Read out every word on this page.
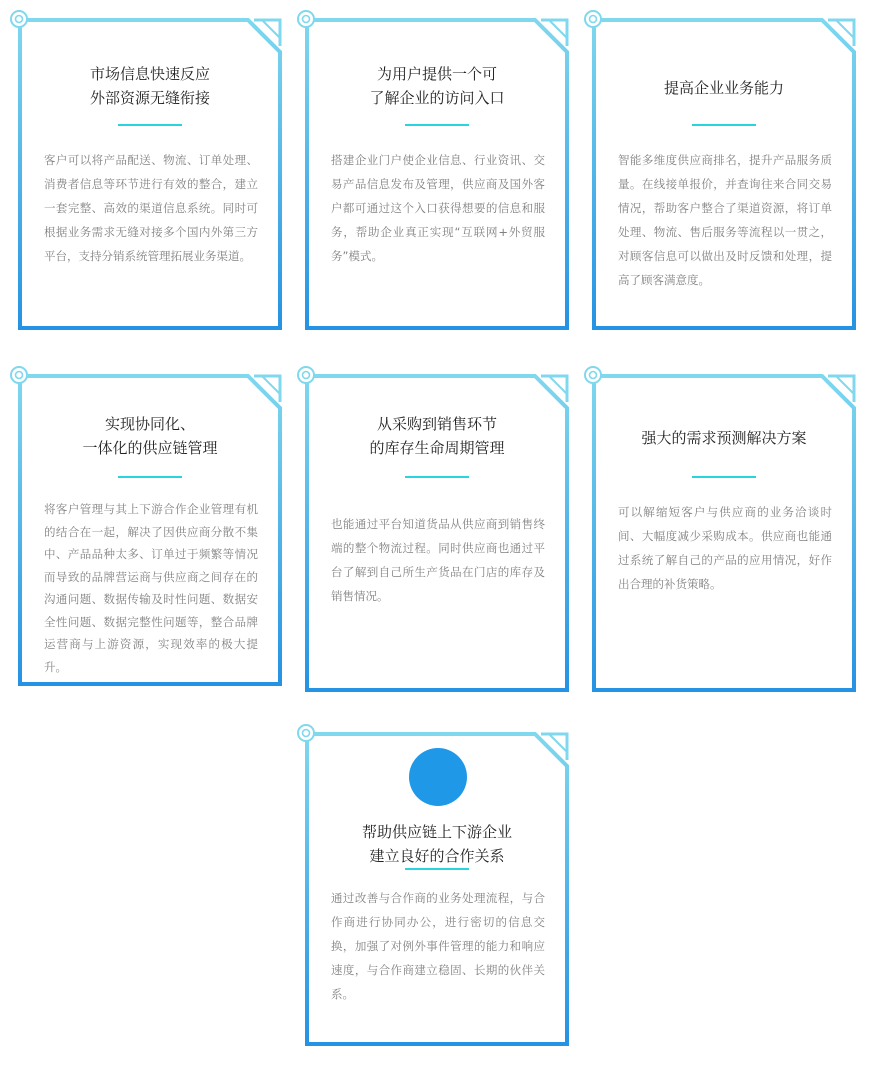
市场信息快速反应
外部资源无缝衔接

客户可以将产品配送、物流、订单处理、消费者信息等环节进行有效的整合，建立一套完整、高效的渠道信息系统。同时可根据业务需求无缝对接多个国内外第三方平台，支持分销系统管理拓展业务渠道。

为用户提供一个可
了解企业的访问入口

搭建企业门户使企业信息、行业资讯、交易产品信息发布及管理，供应商及国外客户都可通过这个入口获得想要的信息和服务，帮助企业真正实现“互联网+外贸服务”模式。

提高企业业务能力

智能多维度供应商排名，提升产品服务质量。在线接单报价，并查询往来合同交易情况，帮助客户整合了渠道资源，将订单处理、物流、售后服务等流程以一贯之，对顾客信息可以做出及时反馈和处理，提高了顾客满意度。

实现协同化、
一体化的供应链管理

将客户管理与其上下游合作企业管理有机的结合在一起，解决了因供应商分散不集中、产品品种太多、订单过于频繁等情况而导致的品牌营运商与供应商之间存在的沟通问题、数据传输及时性问题、数据安全性问题、数据完整性问题等，整合品牌运营商与上游资源，实现效率的极大提升。

从采购到销售环节
的库存生命周期管理

也能通过平台知道货品从供应商到销售终端的整个物流过程。同时供应商也通过平台了解到自己所生产货品在门店的库存及销售情况。

强大的需求预测解决方案

可以解缩短客户与供应商的业务洽谈时间、大幅度减少采购成本。供应商也能通过系统了解自己的产品的应用情况，好作出合理的补货策略。

帮助供应链上下游企业
建立良好的合作关系

通过改善与合作商的业务处理流程，与合作商进行协同办公，进行密切的信息交换，加强了对例外事件管理的能力和响应速度，与合作商建立稳固、长期的伙伴关系。
